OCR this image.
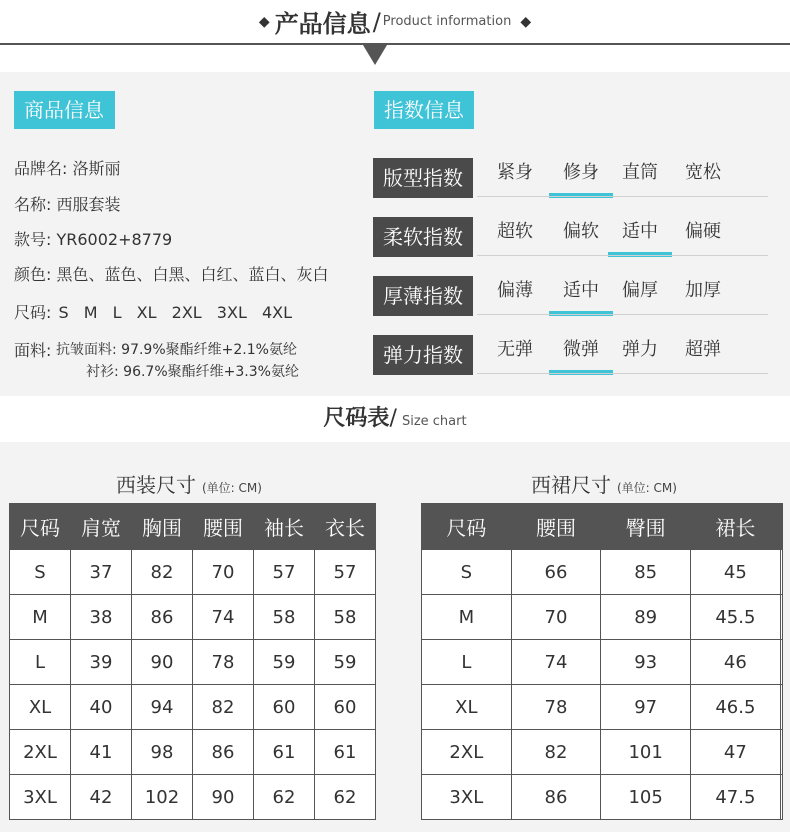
◆ 产品信息/ Product information ◆
商品信息	指数信息
品牌名: 洛斯丽
名称: 西服套装
款号: YR6002+8779
颜色: 黑色、蓝色、白黑、白红、蓝白、灰白
尺码: S M L XL 2XL 3XL 4XL
面料: 抗皱面料: 97.9%聚酯纤维+2.1%氨纶
衬衫: 96.7%聚酯纤维+3.3%氨纶
版型指数	紧身	修身	直筒	宽松
柔软指数	超软	偏软	适中	偏硬
厚薄指数	偏薄	适中	偏厚	加厚
弹力指数	无弹	微弹	弹力	超弹
尺码表/ Size chart
西装尺寸 (单位: CM)	西裙尺寸 (单位: CM)
尺码	肩宽	胸围	腰围	袖长	衣长
S	37	82	70	57	57
M	38	86	74	58	58
L	39	90	78	59	59
XL	40	94	82	60	60
2XL	41	98	86	61	61
3XL	42	102	90	62	62
尺码	腰围	臀围	裙长	
S	66	85	45	
M	70	89	45.5	
L	74	93	46	
XL	78	97	46.5	
2XL	82	101	47	
3XL	86	105	47.5	
